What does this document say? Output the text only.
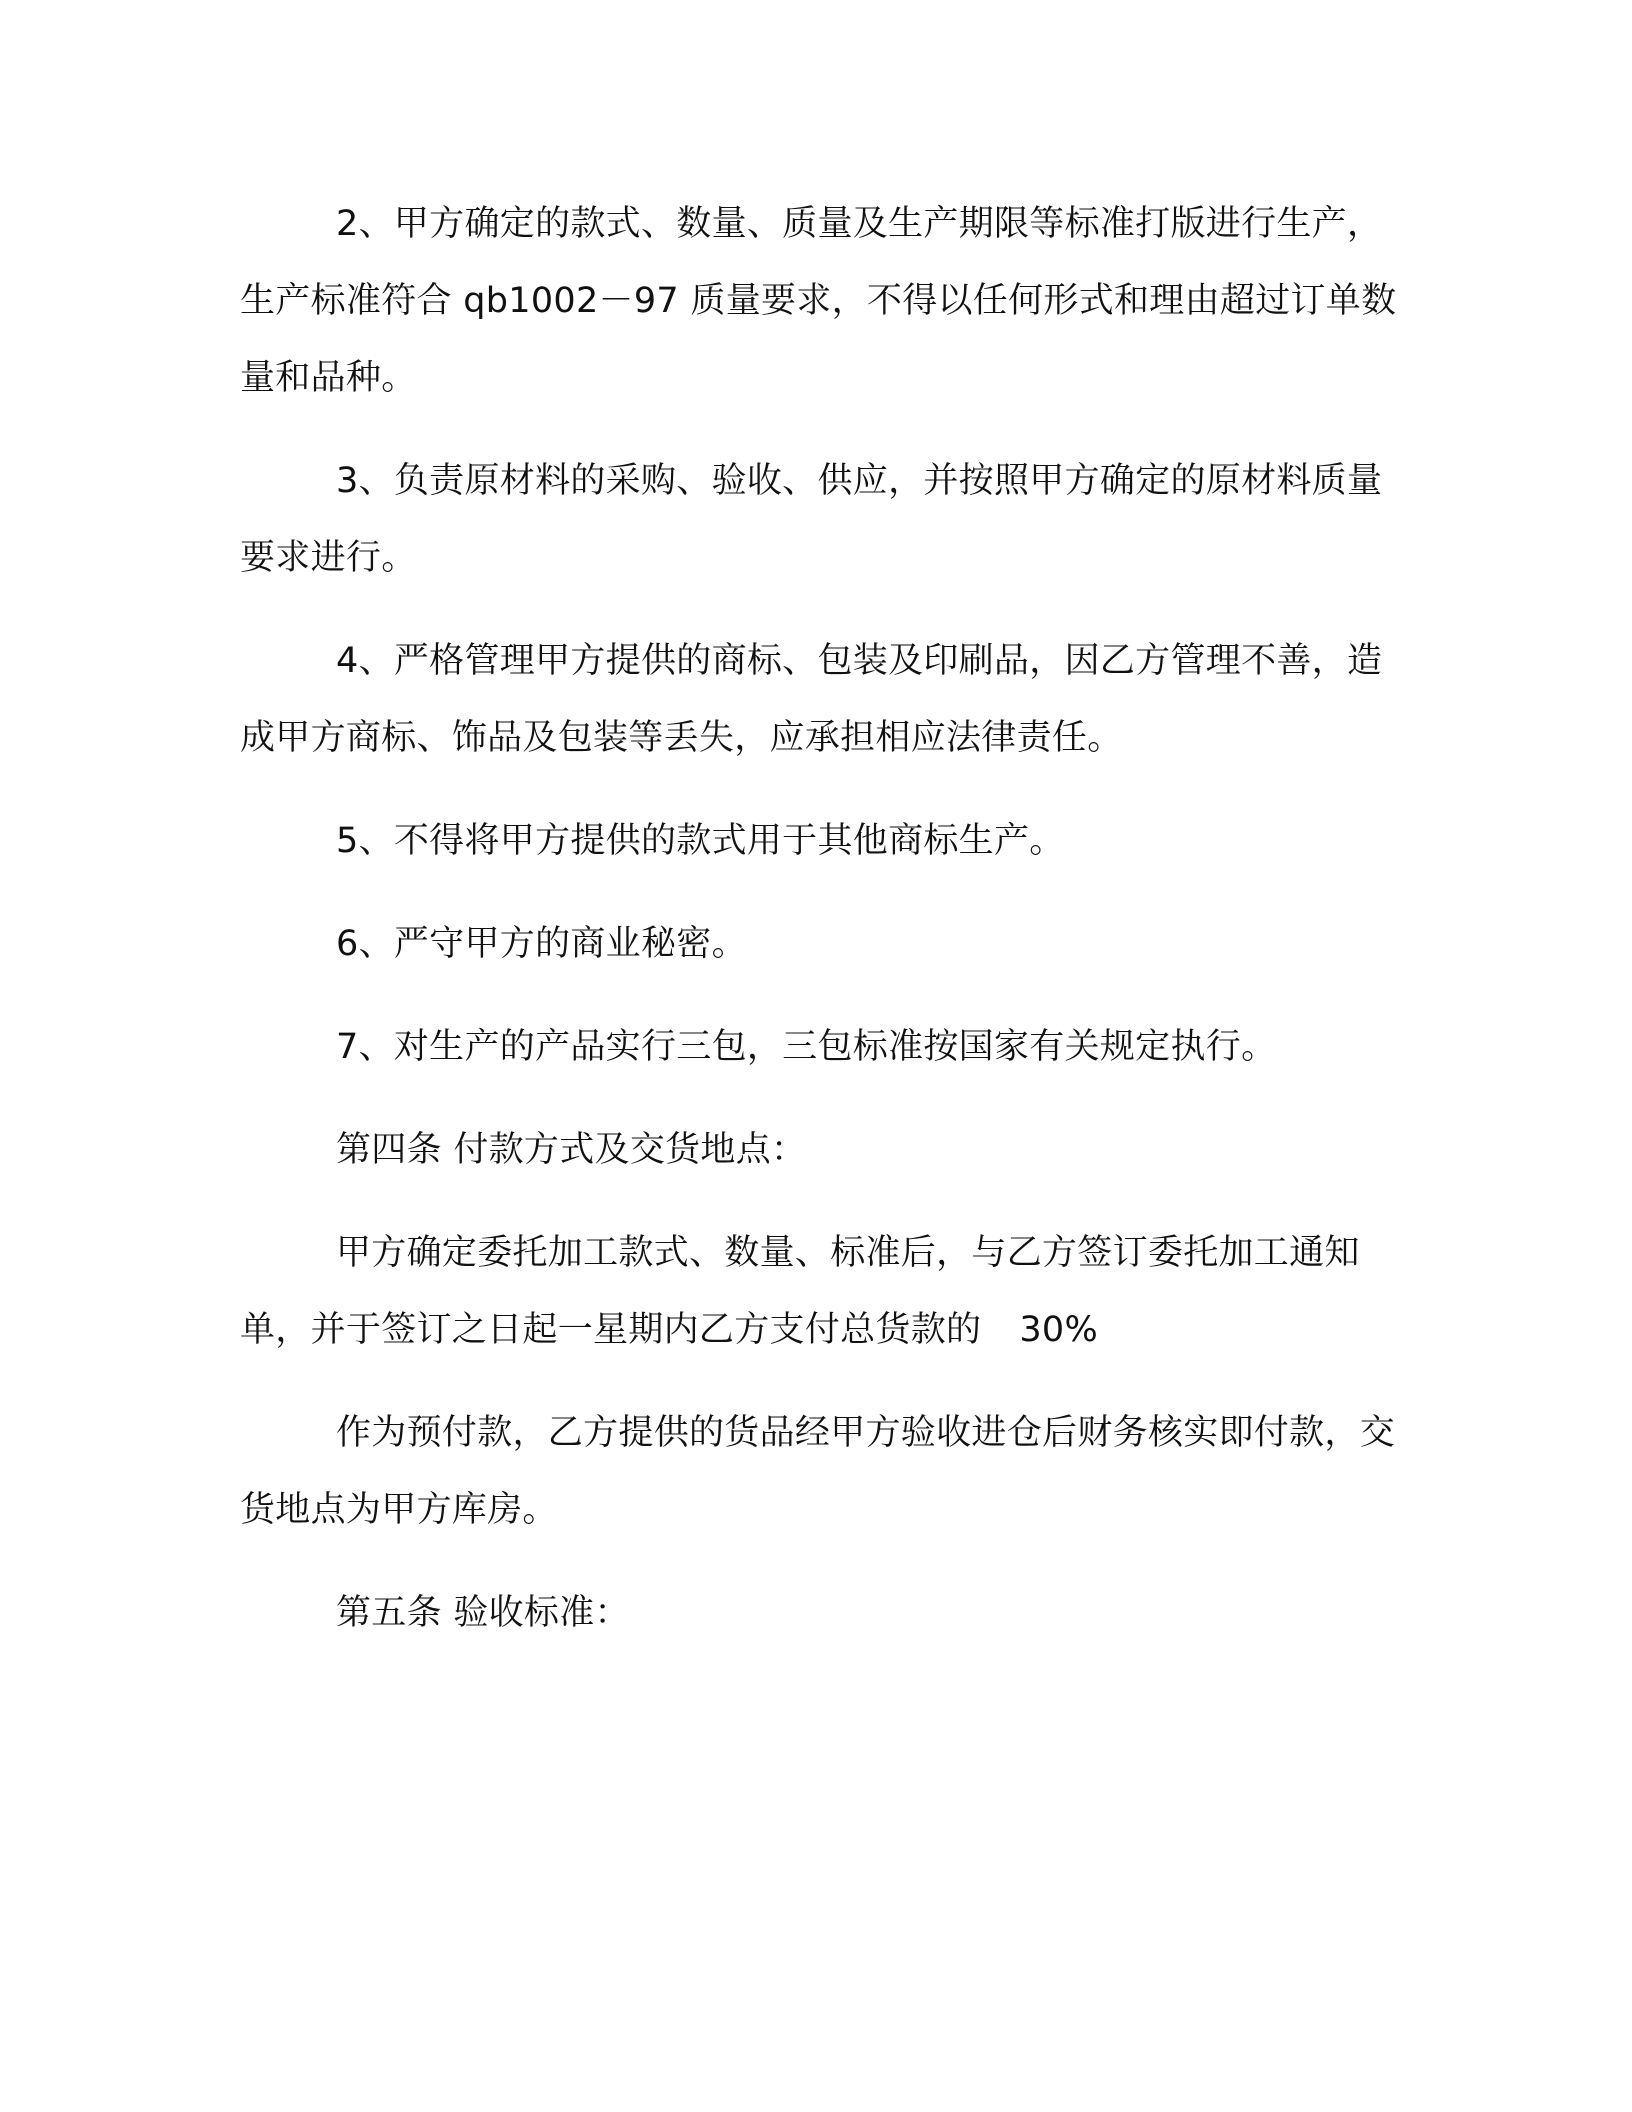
2、甲方确定的款式、数量、质量及生产期限等标准打版进行生产，生产标准符合 qb1002－97 质量要求，不得以任何形式和理由超过订单数量和品种。

3、负责原材料的采购、验收、供应，并按照甲方确定的原材料质量要求进行。

4、严格管理甲方提供的商标、包装及印刷品，因乙方管理不善，造成甲方商标、饰品及包装等丢失，应承担相应法律责任。

5、不得将甲方提供的款式用于其他商标生产。

6、严守甲方的商业秘密。

7、对生产的产品实行三包，三包标准按国家有关规定执行。

第四条 付款方式及交货地点：

甲方确定委托加工款式、数量、标准后，与乙方签订委托加工通知单，并于签订之日起一星期内乙方支付总货款的 30%

作为预付款，乙方提供的货品经甲方验收进仓后财务核实即付款，交货地点为甲方库房。

第五条 验收标准：
